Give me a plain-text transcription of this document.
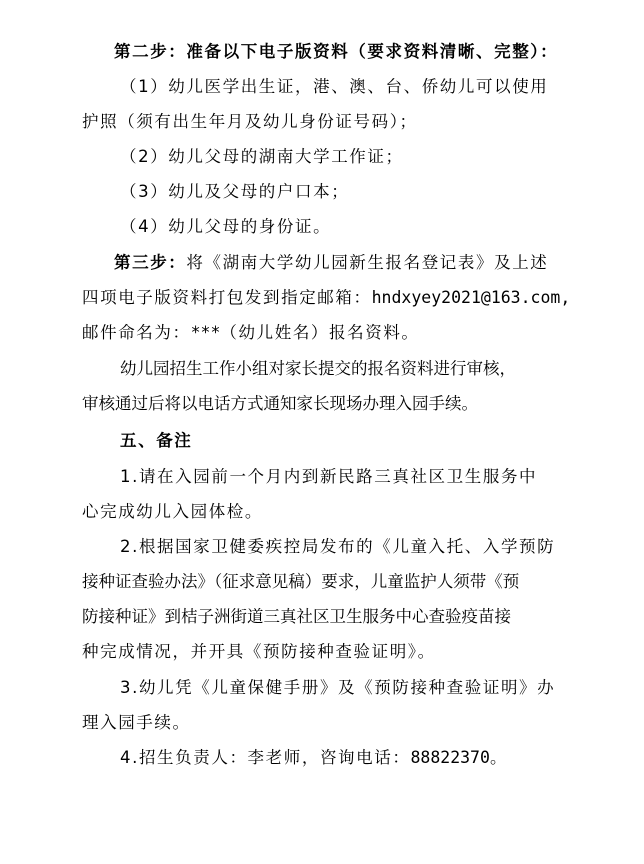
第二步：准备以下电子版资料（要求资料清晰、完整）：
（1）幼儿医学出生证，港、澳、台、侨幼儿可以使用
护照（须有出生年月及幼儿身份证号码）；
（2）幼儿父母的湖南大学工作证；
（3）幼儿及父母的户口本；
（4）幼儿父母的身份证。
第三步：将《湖南大学幼儿园新生报名登记表》及上述
四项电子版资料打包发到指定邮箱：hndxyey2021@163.com,
邮件命名为：***（幼儿姓名）报名资料。
幼儿园招生工作小组对家长提交的报名资料进行审核，
审核通过后将以电话方式通知家长现场办理入园手续。
五、备注
1.请在入园前一个月内到新民路三真社区卫生服务中
心完成幼儿入园体检。
2.根据国家卫健委疾控局发布的《儿童入托、入学预防
接种证查验办法》（征求意见稿）要求，儿童监护人须带《预
防接种证》到桔子洲街道三真社区卫生服务中心查验疫苗接
种完成情况，并开具《预防接种查验证明》。
3.幼儿凭《儿童保健手册》及《预防接种查验证明》办
理入园手续。
4.招生负责人：李老师，咨询电话：88822370。
